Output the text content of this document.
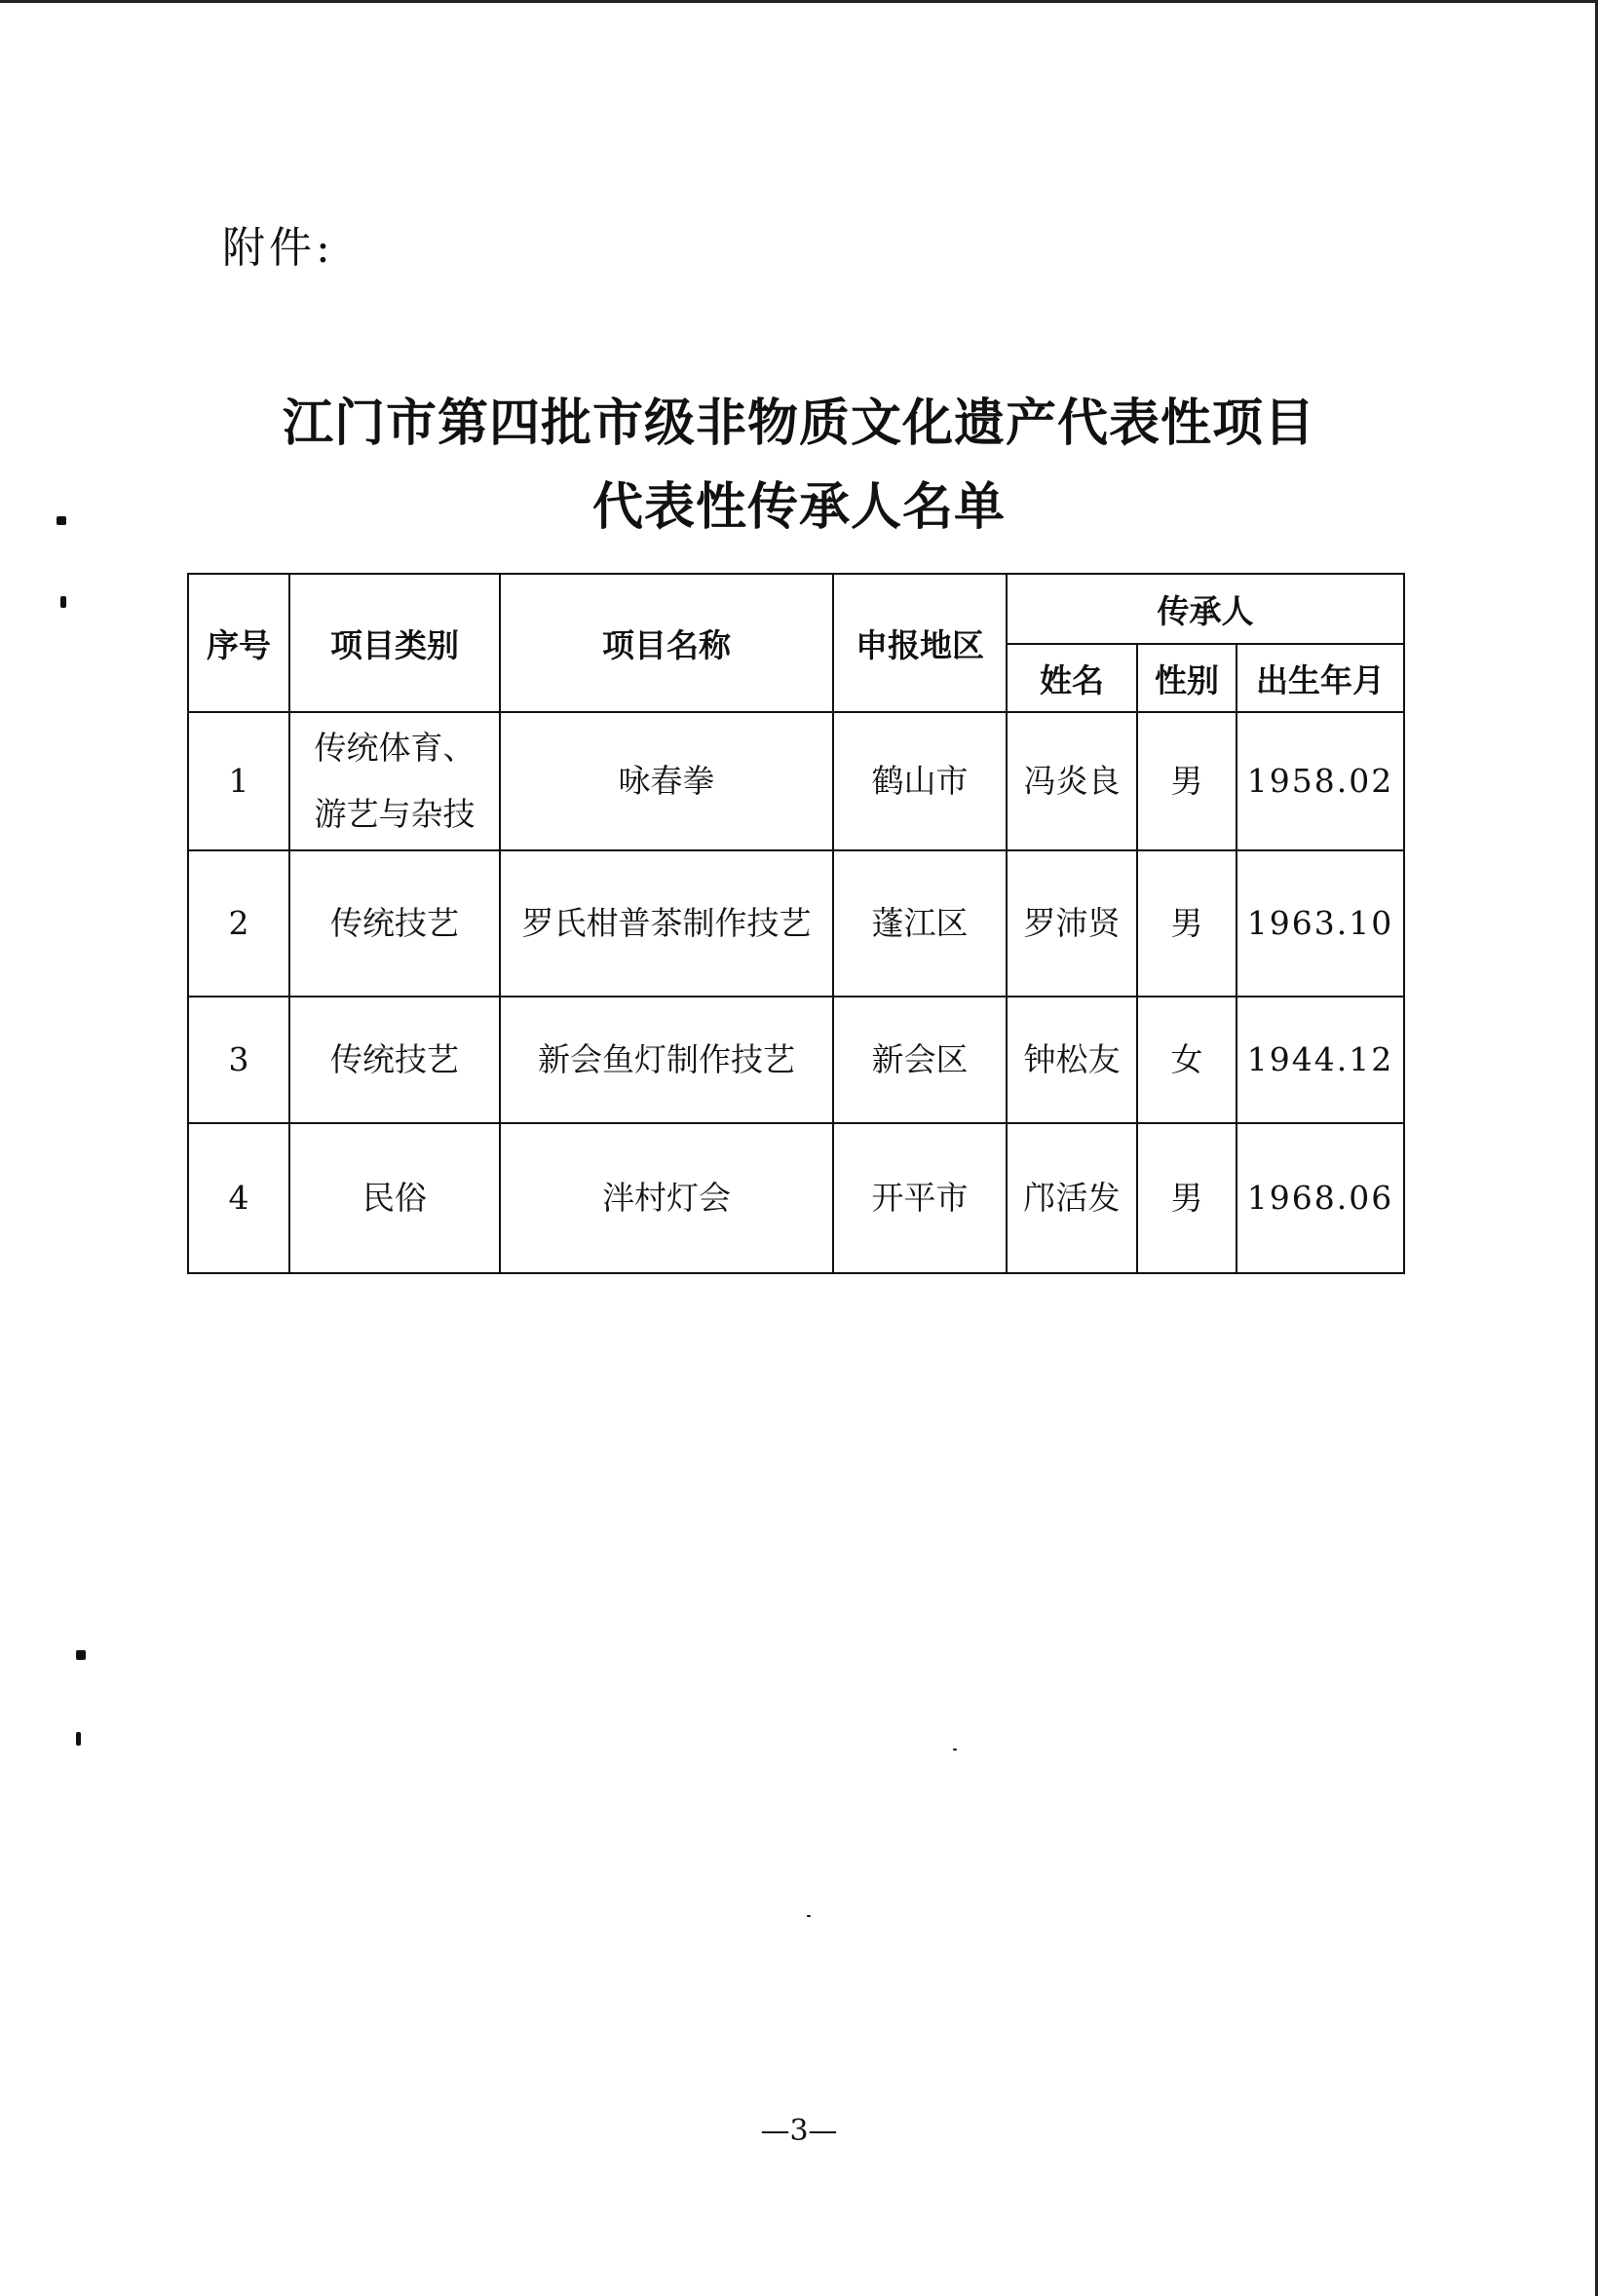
附件:
江门市第四批市级非物质文化遗产代表性项目
代表性传承人名单
序号	项目类别	项目名称	申报地区	传承人		
				姓名	性别	出生年月
1	传统体育、游艺与杂技	咏春拳	鹤山市	冯炎良	男	1958.02
2	传统技艺	罗氏柑普茶制作技艺	蓬江区	罗沛贤	男	1963.10
3	传统技艺	新会鱼灯制作技艺	新会区	钟松友	女	1944.12
4	民俗	泮村灯会	开平市	邝活发	男	1968.06
—3—
